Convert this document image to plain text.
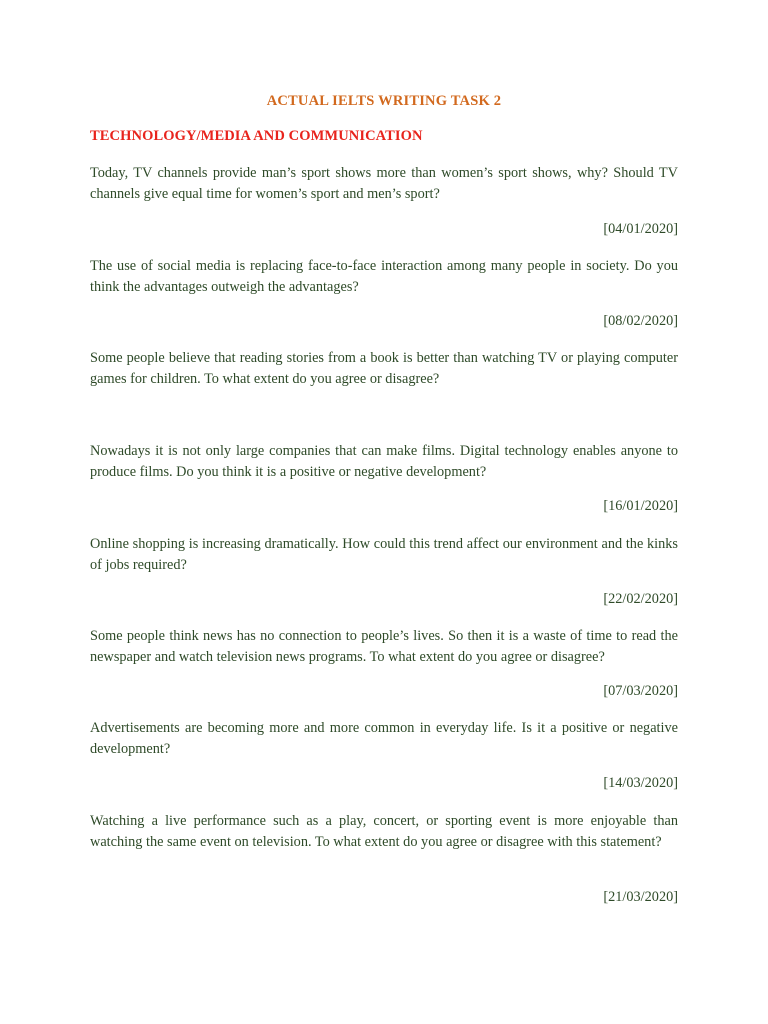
ACTUAL IELTS WRITING TASK 2
TECHNOLOGY/MEDIA AND COMMUNICATION
Today, TV channels provide man’s sport shows more than women’s sport shows, why? Should TV channels give equal time for women’s sport and men’s sport?
[04/01/2020]
The use of social media is replacing face-to-face interaction among many people in society. Do you think the advantages outweigh the advantages?
[08/02/2020]
Some people believe that reading stories from a book is better than watching TV or playing computer games for children. To what extent do you agree or disagree?
Nowadays it is not only large companies that can make films. Digital technology enables anyone to produce films. Do you think it is a positive or negative development?
[16/01/2020]
Online shopping is increasing dramatically. How could this trend affect our environment and the kinks of jobs required?
[22/02/2020]
Some people think news has no connection to people’s lives. So then it is a waste of time to read the newspaper and watch television news programs. To what extent do you agree or disagree?
[07/03/2020]
Advertisements are becoming more and more common in everyday life. Is it a positive or negative development?
[14/03/2020]
Watching a live performance such as a play, concert, or sporting event is more enjoyable than watching the same event on television. To what extent do you agree or disagree with this statement?
[21/03/2020]
